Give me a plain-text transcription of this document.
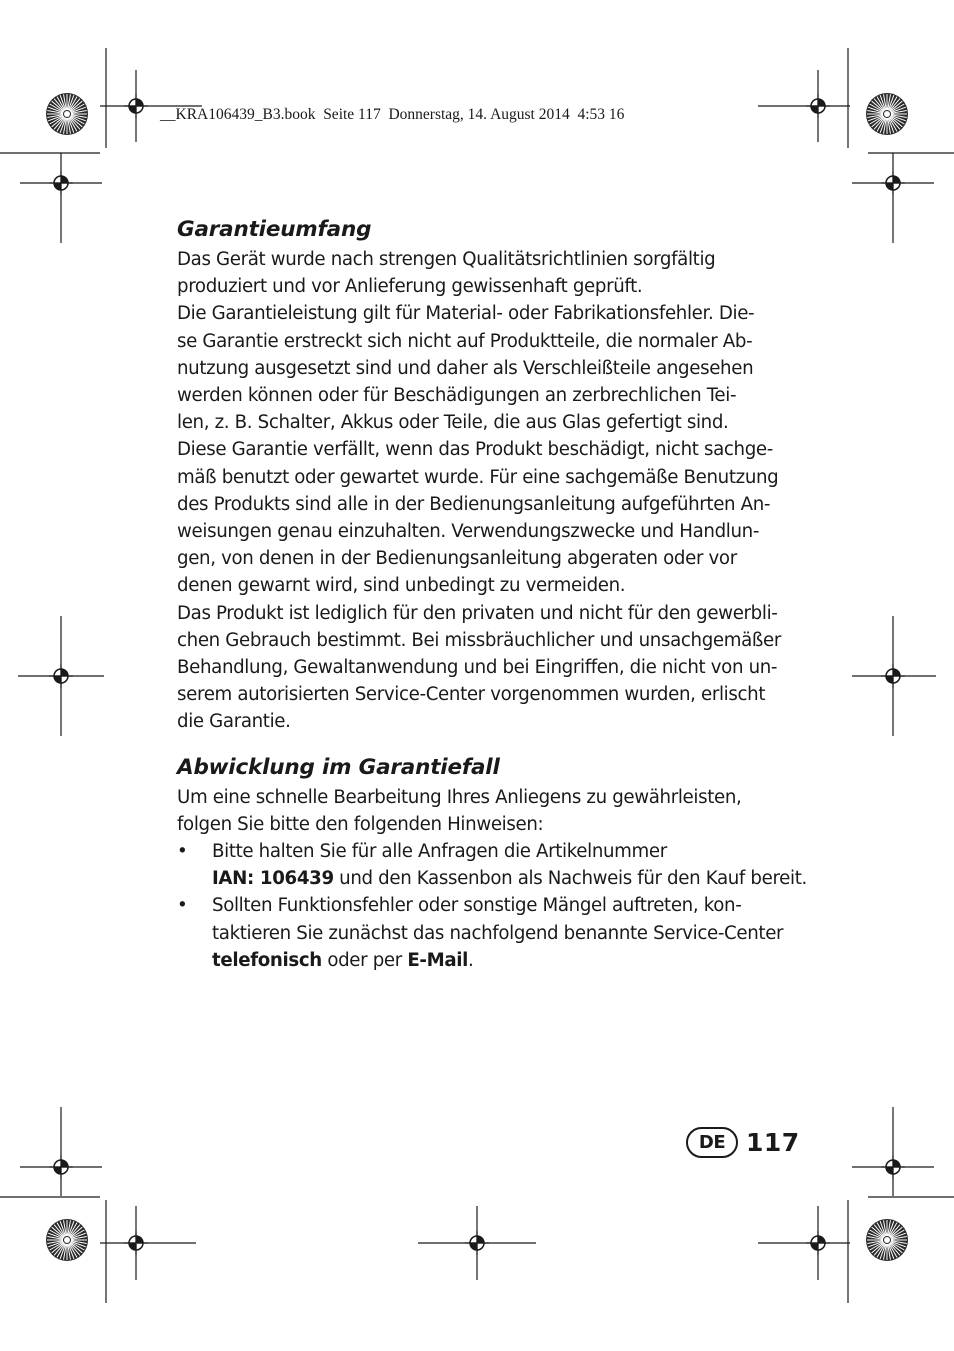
__KRA106439_B3.book  Seite 117  Donnerstag, 14. August 2014  4:53 16
Garantieumfang

Das Gerät wurde nach strengen Qualitätsrichtlinien sorgfältig
produziert und vor Anlieferung gewissenhaft geprüft.

Die Garantieleistung gilt für Material- oder Fabrikationsfehler. Die-
se Garantie erstreckt sich nicht auf Produktteile, die normaler Ab-
nutzung ausgesetzt sind und daher als Verschleißteile angesehen
werden können oder für Beschädigungen an zerbrechlichen Tei-
len, z. B. Schalter, Akkus oder Teile, die aus Glas gefertigt sind.

Diese Garantie verfällt, wenn das Produkt beschädigt, nicht sachge-
mäß benutzt oder gewartet wurde. Für eine sachgemäße Benutzung
des Produkts sind alle in der Bedienungsanleitung aufgeführten An-
weisungen genau einzuhalten. Verwendungszwecke und Handlun-
gen, von denen in der Bedienungsanleitung abgeraten oder vor
denen gewarnt wird, sind unbedingt zu vermeiden.

Das Produkt ist lediglich für den privaten und nicht für den gewerbli-
chen Gebrauch bestimmt. Bei missbräuchlicher und unsachgemäßer
Behandlung, Gewaltanwendung und bei Eingriffen, die nicht von un-
serem autorisierten Service-Center vorgenommen wurden, erlischt
die Garantie.

Abwicklung im Garantiefall

Um eine schnelle Bearbeitung Ihres Anliegens zu gewährleisten,
folgen Sie bitte den folgenden Hinweisen:

• Bitte halten Sie für alle Anfragen die Artikelnummer
IAN: 106439 und den Kassenbon als Nachweis für den Kauf bereit.
• Sollten Funktionsfehler oder sonstige Mängel auftreten, kon-taktieren Sie zunächst das nachfolgend benannte Service-Center telefonisch oder per E-Mail.
DE 117
